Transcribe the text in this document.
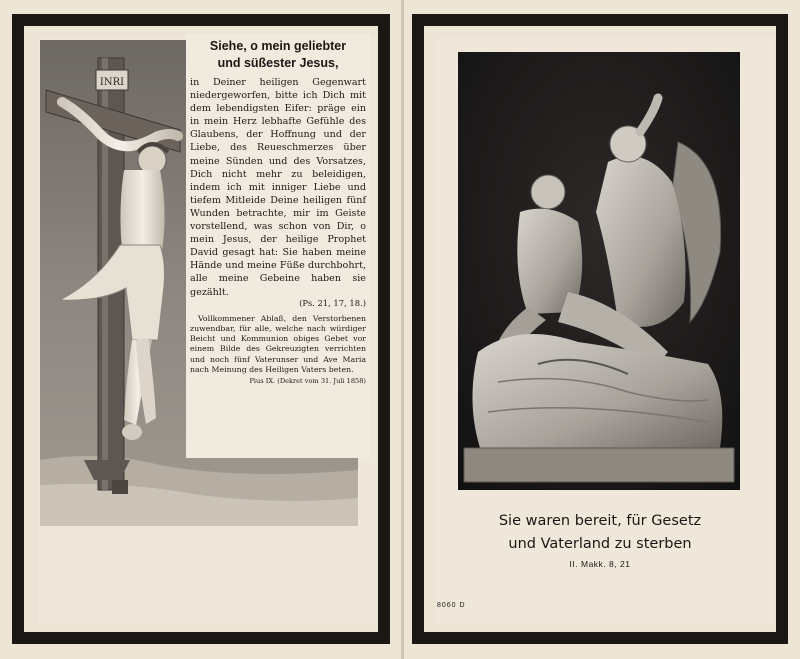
INRI
Siehe, o mein geliebter
und süßester Jesus,
in Deiner heiligen Gegenwart niedergeworfen, bitte ich Dich mit dem lebendigsten Eifer: präge ein in mein Herz lebhafte Gefühle des Glaubens, der Hoffnung und der Liebe, des Reueschmerzes über meine Sünden und des Vorsatzes, Dich nicht mehr zu beleidigen, indem ich mit inniger Liebe und tiefem Mitleide Deine heiligen fünf Wunden betrachte, mir im Geiste vorstellend, was schon von Dir, o mein Jesus, der heilige Prophet David gesagt hat: Sie haben meine Hände und meine Füße durchbohrt, alle meine Gebeine haben sie gezählt.
(Ps. 21, 17, 18.)
Vollkommener Ablaß, den Verstorbenen zuwendbar, für alle, welche nach würdiger Beicht und Kommunion obiges Gebet vor einem Bilde des Gekreuzigten verrichten und noch fünf Vaterunser und Ave Maria nach Meinung des Heiligen Vaters beten.
Pius IX. (Dekret vom 31. Juli 1858)
Sie waren bereit, für Gesetz
und Vaterland zu sterben
II. Makk. 8, 21
8060 D
